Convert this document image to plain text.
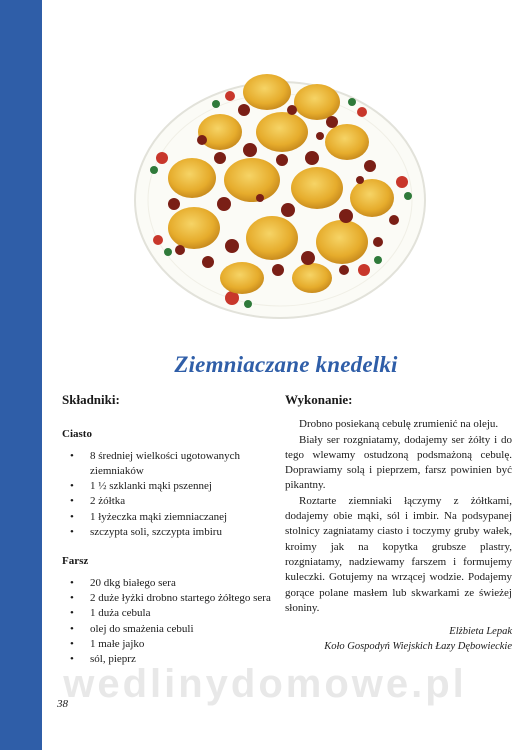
Ziemniaczane knedelki
Składniki:
Ciasto
• 8 średniej wielkości ugotowanych ziemniaków
• 1 ½ szklanki mąki pszennej
• 2 żółtka
• 1 łyżeczka mąki ziemniaczanej
• szczypta soli, szczypta imbiru
Farsz
• 20 dkg białego sera
• 2 duże łyżki drobno startego żółtego sera
• 1 duża cebula
• olej do smażenia cebuli
• 1 małe jajko
• sól, pieprz
Wykonanie:

Drobno posiekaną cebulę zrumienić na oleju.

Biały ser rozgniatamy, dodajemy ser żółty i do tego wlewamy ostudzoną podsmażoną cebulę. Doprawiamy solą i pieprzem, farsz powinien być pikantny.

Roztarte ziemniaki łączymy z żółtkami, dodajemy obie mąki, sól i imbir. Na podsypanej stolnicy zagniatamy ciasto i toczymy gruby wałek, kroimy jak na kopytka grubsze plastry, rozgniatamy, nadziewamy farszem i formujemy kuleczki. Gotujemy na wrzącej wodzie. Podajemy gorące polane masłem lub skwarkami ze świeżej słoniny.

Elżbieta Lepak
Koło Gospodyń Wiejskich Łazy Dębowieckie
wedlinydomowe.pl
38
